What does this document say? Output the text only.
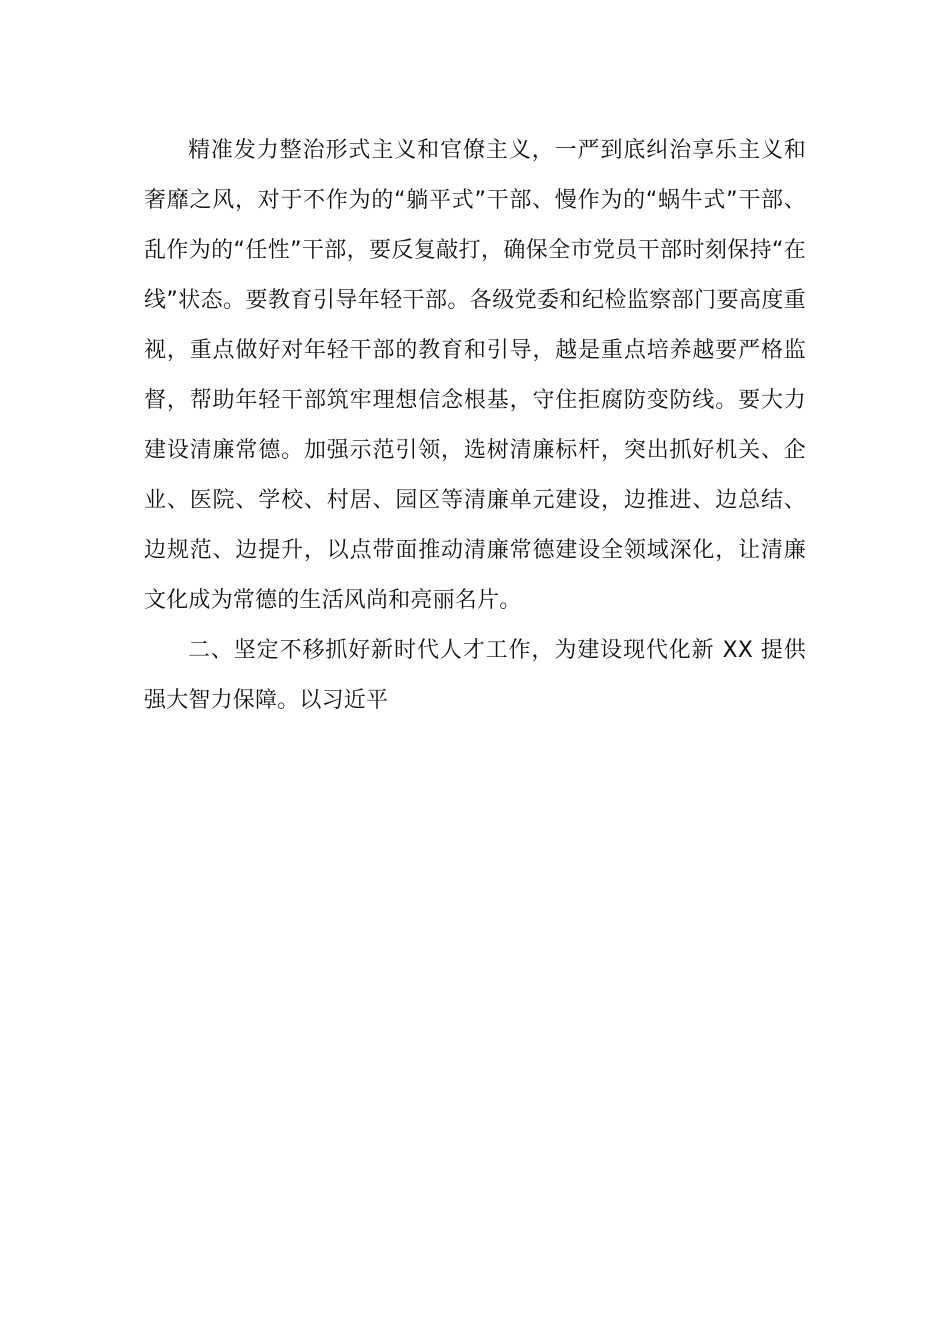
精准发力整治形式主义和官僚主义，一严到底纠治享乐主义和
奢靡之风，对于不作为的“躺平式”干部、慢作为的“蜗牛式”干部、
乱作为的“任性”干部，要反复敲打，确保全市党员干部时刻保持“在
线”状态。要教育引导年轻干部。各级党委和纪检监察部门要高度重
视，重点做好对年轻干部的教育和引导，越是重点培养越要严格监
督，帮助年轻干部筑牢理想信念根基，守住拒腐防变防线。要大力
建设清廉常德。加强示范引领，选树清廉标杆，突出抓好机关、企
业、医院、学校、村居、园区等清廉单元建设，边推进、边总结、
边规范、边提升，以点带面推动清廉常德建设全领域深化，让清廉
文化成为常德的生活风尚和亮丽名片。
二、坚定不移抓好新时代人才工作，为建设现代化新 XX 提供
强大智力保障。以习近平
